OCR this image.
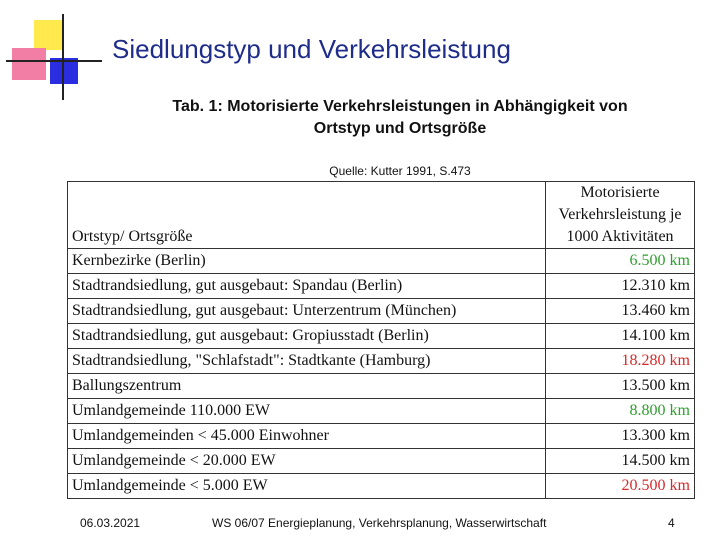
Siedlungstyp und Verkehrsleistung
Tab. 1: Motorisierte Verkehrsleistungen in Abhängigkeit von
Ortstyp und Ortsgröße
Quelle: Kutter 1991, S.473
Ortstyp/ Ortsgröße	Motorisierte
Verkehrsleistung je
1000 Aktivitäten

Kernbezirke (Berlin)	6.500 km
Stadtrandsiedlung, gut ausgebaut: Spandau (Berlin)	12.310 km
Stadtrandsiedlung, gut ausgebaut: Unterzentrum (München)	13.460 km
Stadtrandsiedlung, gut ausgebaut: Gropiusstadt (Berlin)	14.100 km
Stadtrandsiedlung, "Schlafstadt": Stadtkante (Hamburg)	18.280 km
Ballungszentrum	13.500 km
Umlandgemeinde 110.000 EW	8.800 km
Umlandgemeinden < 45.000 Einwohner	13.300 km
Umlandgemeinde < 20.000 EW	14.500 km
Umlandgemeinde < 5.000 EW	20.500 km
06.03.2021	WS 06/07 Energieplanung, Verkehrsplanung, Wasserwirtschaft	4
